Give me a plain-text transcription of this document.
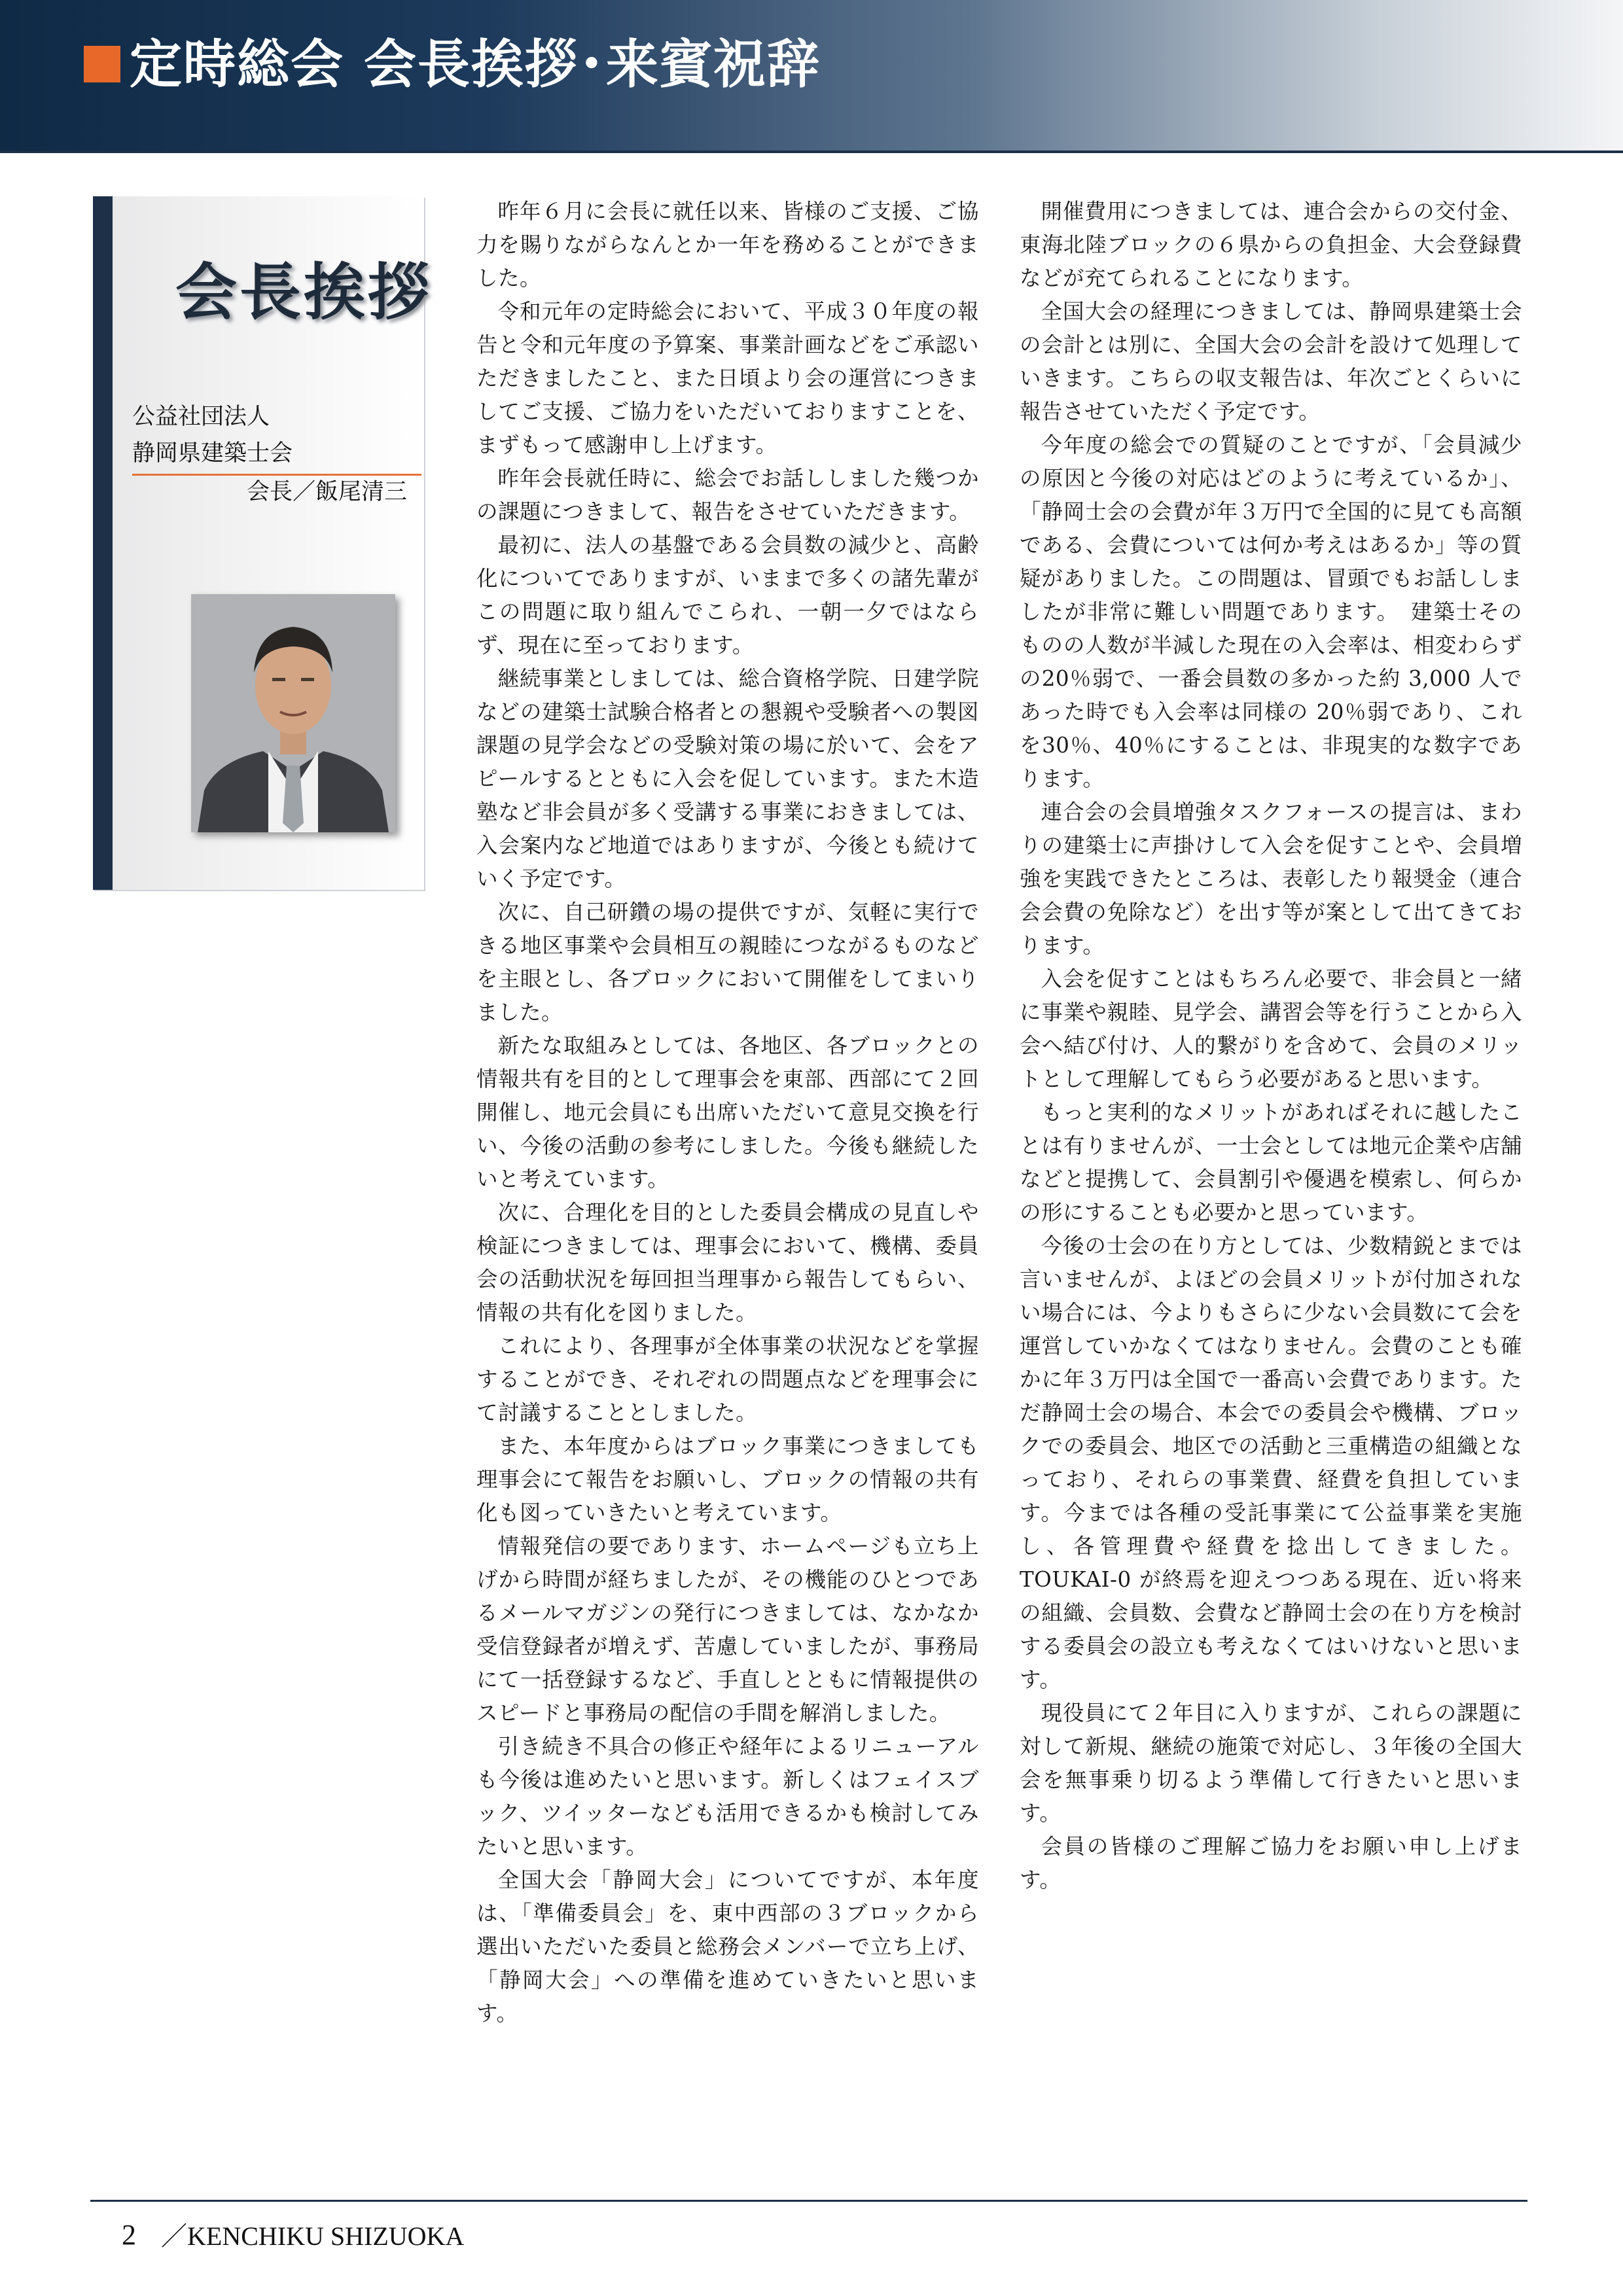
定時総会 会長挨拶･来賓祝辞
会長挨拶
公益社団法人
静岡県建築士会
会長／飯尾清三

昨年６月に会長に就任以来、皆様のご支援、ご協力を賜りながらなんとか一年を務めることができました。

令和元年の定時総会において、平成３０年度の報告と令和元年度の予算案、事業計画などをご承認いただきましたこと、また日頃より会の運営につきましてご支援、ご協力をいただいておりますことを、まずもって感謝申し上げます。

昨年会長就任時に、総会でお話ししました幾つかの課題につきまして、報告をさせていただきます。

最初に、法人の基盤である会員数の減少と、高齢化についてでありますが、いままで多くの諸先輩がこの問題に取り組んでこられ、一朝一夕ではならず、現在に至っております。

継続事業としましては、総合資格学院、日建学院などの建築士試験合格者との懇親や受験者への製図課題の見学会などの受験対策の場に於いて、会をアピールするとともに入会を促しています。また木造塾など非会員が多く受講する事業におきましては、入会案内など地道ではありますが、今後とも続けていく予定です。

次に、自己研鑽の場の提供ですが、気軽に実行できる地区事業や会員相互の親睦につながるものなどを主眼とし、各ブロックにおいて開催をしてまいりました。

新たな取組みとしては、各地区、各ブロックとの情報共有を目的として理事会を東部、西部にて２回開催し、地元会員にも出席いただいて意見交換を行い、今後の活動の参考にしました。今後も継続したいと考えています。

次に、合理化を目的とした委員会構成の見直しや検証につきましては、理事会において、機構、委員会の活動状況を毎回担当理事から報告してもらい、情報の共有化を図りました。

これにより、各理事が全体事業の状況などを掌握することができ、それぞれの問題点などを理事会にて討議することとしました。

また、本年度からはブロック事業につきましても理事会にて報告をお願いし、ブロックの情報の共有化も図っていきたいと考えています。

情報発信の要であります、ホームページも立ち上げから時間が経ちましたが、その機能のひとつであるメールマガジンの発行につきましては、なかなか受信登録者が増えず、苦慮していましたが、事務局にて一括登録するなど、手直しとともに情報提供のスピードと事務局の配信の手間を解消しました。

引き続き不具合の修正や経年によるリニューアルも今後は進めたいと思います。新しくはフェイスブック、ツイッターなども活用できるかも検討してみたいと思います。

全国大会「静岡大会」についてですが、本年度は、「準備委員会」を、東中西部の３ブロックから選出いただいた委員と総務会メンバーで立ち上げ、「静岡大会」への準備を進めていきたいと思います。

開催費用につきましては、連合会からの交付金、東海北陸ブロックの６県からの負担金、大会登録費などが充てられることになります。

全国大会の経理につきましては、静岡県建築士会の会計とは別に、全国大会の会計を設けて処理していきます。こちらの収支報告は、年次ごとくらいに報告させていただく予定です。

今年度の総会での質疑のことですが、「会員減少の原因と今後の対応はどのように考えているか」、「静岡士会の会費が年３万円で全国的に見ても高額である、会費については何か考えはあるか」等の質疑がありました。この問題は、冒頭でもお話ししましたが非常に難しい問題であります。　建築士そのものの人数が半減した現在の入会率は、相変わらずの20％弱で、一番会員数の多かった約 3,000 人であった時でも入会率は同様の 20％弱であり、これを30％、40％にすることは、非現実的な数字であります。

連合会の会員増強タスクフォースの提言は、まわりの建築士に声掛けして入会を促すことや、会員増強を実践できたところは、表彰したり報奨金（連合会会費の免除など）を出す等が案として出てきております。

入会を促すことはもちろん必要で、非会員と一緒に事業や親睦、見学会、講習会等を行うことから入会へ結び付け、人的繋がりを含めて、会員のメリットとして理解してもらう必要があると思います。

もっと実利的なメリットがあればそれに越したことは有りませんが、一士会としては地元企業や店舗などと提携して、会員割引や優遇を模索し、何らかの形にすることも必要かと思っています。

今後の士会の在り方としては、少数精鋭とまでは言いませんが、よほどの会員メリットが付加されない場合には、今よりもさらに少ない会員数にて会を運営していかなくてはなりません。会費のことも確かに年３万円は全国で一番高い会費であります。ただ静岡士会の場合、本会での委員会や機構、ブロックでの委員会、地区での活動と三重構造の組織となっており、それらの事業費、経費を負担しています。今までは各種の受託事業にて公益事業を実施し、各管理費や経費を捻出してきました。TOUKAI-0 が終焉を迎えつつある現在、近い将来の組織、会員数、会費など静岡士会の在り方を検討する委員会の設立も考えなくてはいけないと思います。

現役員にて２年目に入りますが、これらの課題に対して新規、継続の施策で対応し、３年後の全国大会を無事乗り切るよう準備して行きたいと思います。

会員の皆様のご理解ご協力をお願い申し上げます。

2 ／KENCHIKU SHIZUOKA
